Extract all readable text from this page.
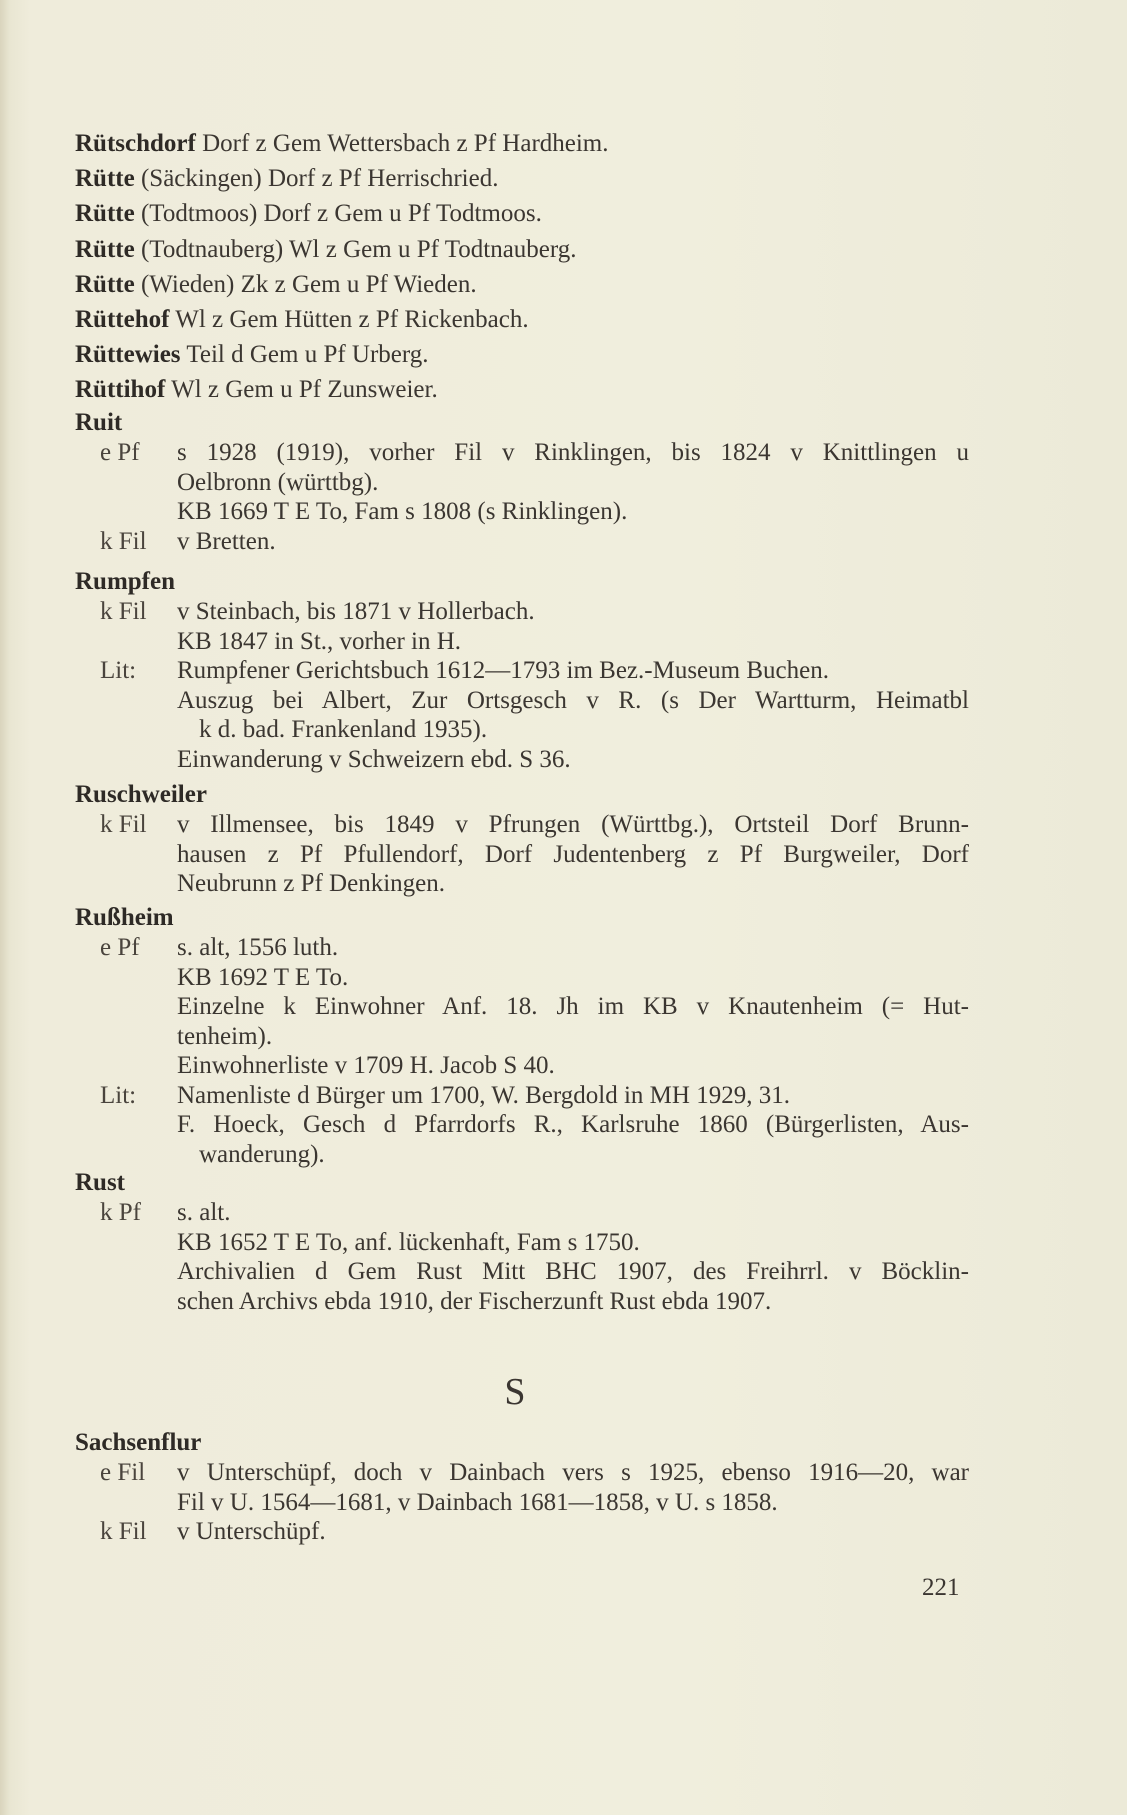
Rütschdorf Dorf z Gem Wettersbach z Pf Hardheim.
Rütte (Säckingen) Dorf z Pf Herrischried.
Rütte (Todtmoos) Dorf z Gem u Pf Todtmoos.
Rütte (Todtnauberg) Wl z Gem u Pf Todtnauberg.
Rütte (Wieden) Zk z Gem u Pf Wieden.
Rüttehof Wl z Gem Hütten z Pf Rickenbach.
Rüttewies Teil d Gem u Pf Urberg.
Rüttihof Wl z Gem u Pf Zunsweier.
Ruit
e Pf	s 1928 (1919), vorher Fil v Rinklingen, bis 1824 v Knittlingen u
Oelbronn (württbg).
KB 1669 T E To, Fam s 1808 (s Rinklingen).
k Fil	v Bretten.
Rumpfen
k Fil	v Steinbach, bis 1871 v Hollerbach.
KB 1847 in St., vorher in H.
Lit:	Rumpfener Gerichtsbuch 1612—1793 im Bez.-Museum Buchen.
Auszug bei Albert, Zur Ortsgesch v R. (s Der Wartturm, Heimatbl
k d. bad. Frankenland 1935).
Einwanderung v Schweizern ebd. S 36.
Ruschweiler
k Fil	v Illmensee, bis 1849 v Pfrungen (Württbg.), Ortsteil Dorf Brunn-
hausen z Pf Pfullendorf, Dorf Judentenberg z Pf Burgweiler, Dorf
Neubrunn z Pf Denkingen.
Rußheim
e Pf	s. alt, 1556 luth.
KB 1692 T E To.
Einzelne k Einwohner Anf. 18. Jh im KB v Knautenheim (= Hut-
tenheim).
Einwohnerliste v 1709 H. Jacob S 40.
Lit:	Namenliste d Bürger um 1700, W. Bergdold in MH 1929, 31.
F. Hoeck, Gesch d Pfarrdorfs R., Karlsruhe 1860 (Bürgerlisten, Aus-
wanderung).
Rust
k Pf	s. alt.
KB 1652 T E To, anf. lückenhaft, Fam s 1750.
Archivalien d Gem Rust Mitt BHC 1907, des Freihrrl. v Böcklin-
schen Archivs ebda 1910, der Fischerzunft Rust ebda 1907.
Sachsenflur
e Fil	v Unterschüpf, doch v Dainbach vers s 1925, ebenso 1916—20, war
Fil v U. 1564—1681, v Dainbach 1681—1858, v U. s 1858.
k Fil	v Unterschüpf.
S
221
